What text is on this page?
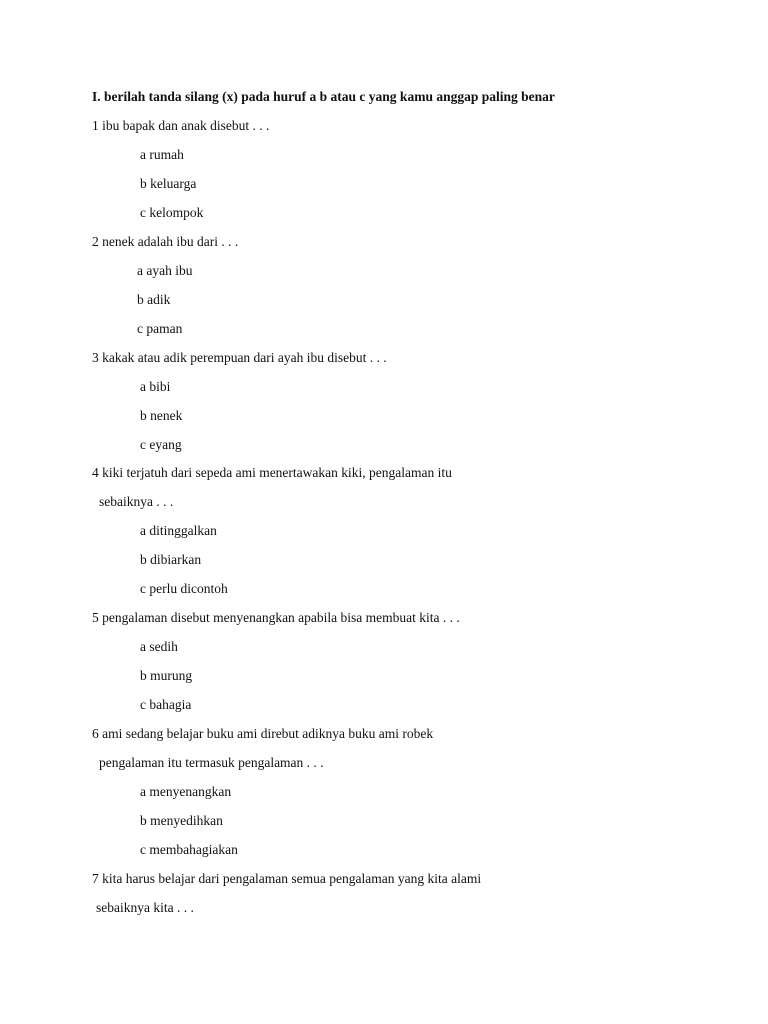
I. berilah tanda silang (x) pada huruf a b atau c yang kamu anggap paling benar
1 ibu bapak dan anak disebut . . .
a rumah
b keluarga
c kelompok
2 nenek adalah ibu dari . . .
a ayah ibu
b adik
c paman
3 kakak atau adik perempuan dari ayah ibu disebut . . .
a bibi
b nenek
c eyang
4 kiki terjatuh dari sepeda ami menertawakan kiki, pengalaman itu
sebaiknya . . .
a ditinggalkan
b dibiarkan
c perlu dicontoh
5 pengalaman disebut menyenangkan apabila bisa membuat kita . . .
a sedih
b murung
c bahagia
6 ami sedang belajar buku ami direbut adiknya buku ami robek
pengalaman itu termasuk pengalaman . . .
a menyenangkan
b menyedihkan
c membahagiakan
7 kita harus belajar dari pengalaman semua pengalaman yang kita alami
sebaiknya kita . . .
